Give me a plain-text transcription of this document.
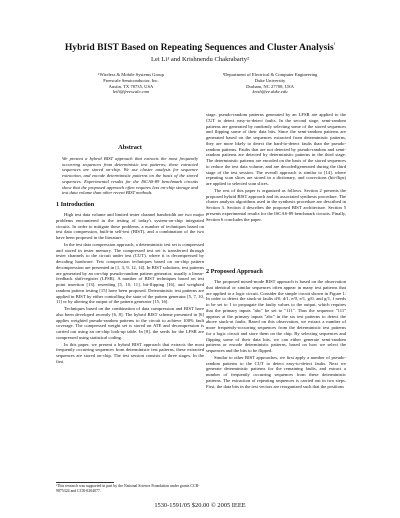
Hybrid BIST Based on Repeating Sequences and Cluster Analysis$^{^1}$
Lei Li¹ and Krishnendu Chakrabarty²
¹Wireless & Mobile Systems Group
Freescale Semiconductor, Inc.
Austin, TX 78735, USA
leili@freescale.com
²Department of Electrical & Computer Engineering
Duke University
Durham, NC 27708, USA
krish@ee.duke.edu
Abstract
We present a hybrid BIST approach that extracts the most frequently occurring sequences from deterministic test patterns; these extracted sequences are stored on-chip. We use cluster analysis for sequence extraction, and encode deterministic patterns on the basis of the stored sequences. Experimental results for the ISCAS-89 benchmark circuits show that the proposed approach often requires less on-chip storage and test data volume than other recent BIST methods.
1 Introduction

High test data volume and limited tester channel bandwidth are two major problems encountered in the testing of today's system-on-chip integrated circuits. In order to mitigate these problems, a number of techniques based on test data compression, built-in self-test (BIST), and a combination of the two have been proposed in the literature.

In the test data compression approach, a deterministic test set is compressed and stored in tester memory. The compressed test set is transferred through tester channels to the circuit under test (CUT), where it is decompressed by decoding hardware. Test compression techniques based on on-chip pattern decompression are presented in [1, 3, 9, 12, 14]. In BIST solutions, test patterns are generated by an on-chip pseudo-random pattern generator, usually a linear-feedback shift-register (LFSR). A number of BIST techniques based on test point insertion [13], reseeding [5, 10, 11], bit-flipping [16], and weighted random pattern testing [15] have been proposed. Deterministic test patterns are applied in BIST by either controlling the state of the pattern generator [5, 7, 10, 11] or by altering the output of the pattern generator [15, 16].

Techniques based on the combination of data compression and BIST have also been developed recently [6, 8]. The hybrid BIST scheme presented in [6] applies weighted pseudo-random patterns to the circuit to achieve 100% fault coverage. The compressed weight set is stored on ATE and decompression is carried out using an on-chip look-up table. In [8], the seeds for the LFSR are compressed using statistical coding.

In this paper, we present a hybrid BIST approach that extracts the most frequently occurring sequences from deterministic test patterns, these extracted sequences are stored on-chip. The test session consists of three stages. In the first

stage, pseudo-random patterns generated by an LFSR are applied to the CUT to detect easy-to-detect faults. In the second stage, semi-random patterns are generated by randomly selecting some of the stored sequences and flipping some of their data bits. Since the semi-random patterns are generated based on the sequences extracted from deterministic patterns, they are more likely to detect the hard-to-detect faults than the pseudo-random patterns. Faults that are not detected by pseudo-random and semi-random patterns are detected by deterministic patterns in the third stage. The deterministic patterns are encoded on the basis of the stored sequences to reduce the test data volume, and are decoded/generated during the third stage of the test session. The overall approach is similar to [14], where repeating scan slices are stored in a dictionary, and corrections (bit-flips) are applied to selected scan slices.

The rest of this paper is organized as follows. Section 2 presents the proposed hybrid BIST approach and its associated synthesis procedure. The cluster analysis algorithms used in the synthesis procedure are described in Section 3. Section 4 describes the proposed BIST architecture. Section 5 presents experimental results for the ISCAS-89 benchmark circuits. Finally, Section 6 concludes the paper.

2 Proposed Approach

The proposed mixed-mode BIST approach is based on the observation that identical or similar sequences often appear in many test patterns that are applied to a logic circuit. Consider the simple circuit shown in Figure 1. In order to detect the stuck-at faults d/0, d/1, e/0, e/1, g/0, and g/1, f needs to be set to 1 to propagate the faulty values to the output, which requires that the primary inputs "abc" be set to "111". Thus the sequence "111" appears at the primary inputs "abc" in the six test patterns to detect the above stuck-at faults. Based on this observation, we extract a number of more frequently-occurring sequences from the deterministic test patterns for a logic circuit and store them on the chip. By selecting sequences and flipping some of their data bits, we can either generate semi-random patterns or encode deterministic patterns, based on how we select the sequences and the bits to be flipped.

Similar to other BIST approaches, we first apply a number of pseudo-random patterns to the CUT to detect easy-to-detect faults. Next we generate deterministic patterns for the remaining faults, and extract a number of frequently occurring sequences from these deterministic patterns. The extraction of repeating sequences is carried out in two steps. First, the data bits in the test vectors are reorganized such that the positions

¹This research was supported in part by the National Science Foundation under grants CCR-9875324 and CCR-0204077.
1530-1591/05 $20.00 © 2005 IEEE
